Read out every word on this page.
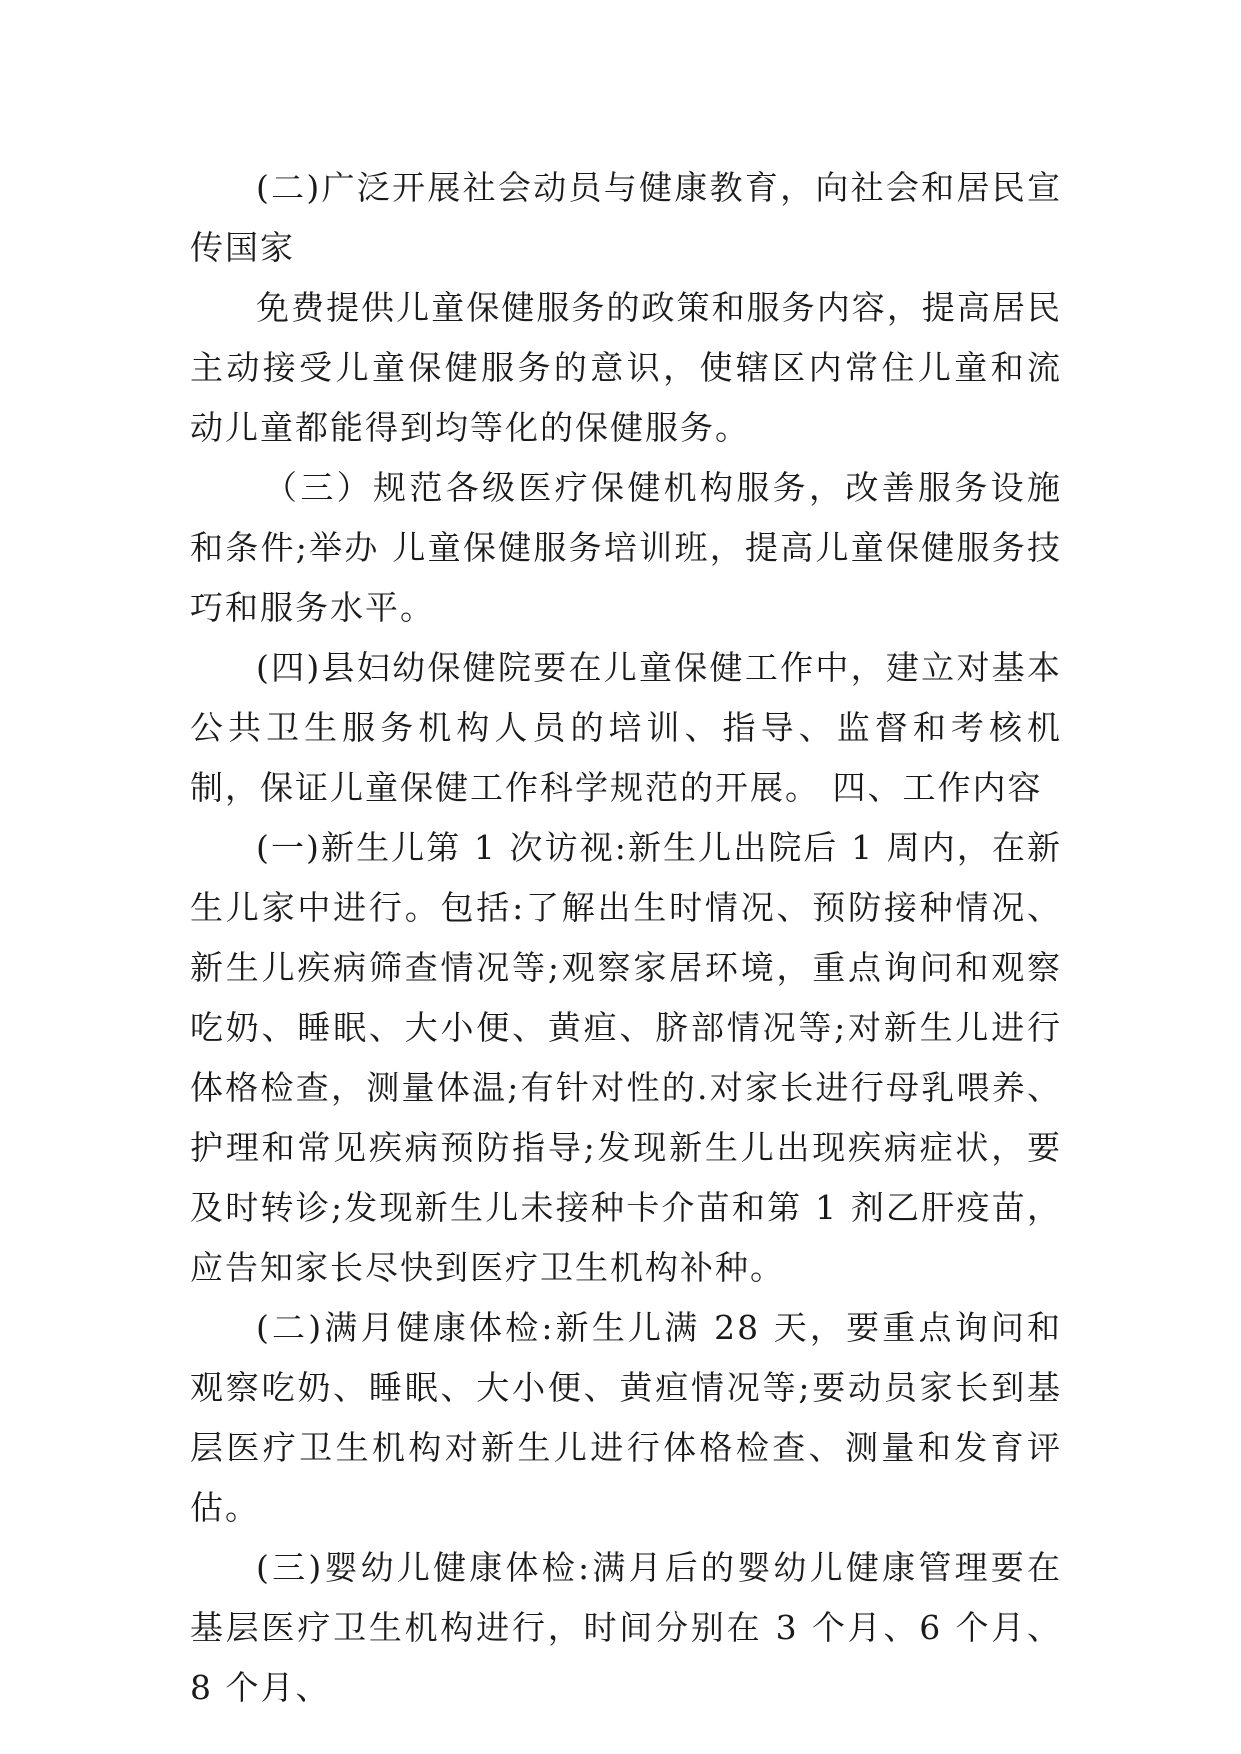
(二)广泛开展社会动员与健康教育，向社会和居民宣传国家

免费提供儿童保健服务的政策和服务内容，提高居民主动接受儿童保健服务的意识，使辖区内常住儿童和流动儿童都能得到均等化的保健服务。

（三）规范各级医疗保健机构服务，改善服务设施和条件;举办 儿童保健服务培训班，提高儿童保健服务技巧和服务水平。

(四)县妇幼保健院要在儿童保健工作中，建立对基本公共卫生服务机构人员的培训、指导、监督和考核机制，保证儿童保健工作科学规范的开展。 四、工作内容

(一)新生儿第 1 次访视:新生儿出院后 1 周内，在新生儿家中进行。包括:了解出生时情况、预防接种情况、新生儿疾病筛查情况等;观察家居环境，重点询问和观察吃奶、睡眠、大小便、黄疸、脐部情况等;对新生儿进行体格检查，测量体温;有针对性的.对家长进行母乳喂养、护理和常见疾病预防指导;发现新生儿出现疾病症状，要及时转诊;发现新生儿未接种卡介苗和第 1 剂乙肝疫苗，应告知家长尽快到医疗卫生机构补种。

(二)满月健康体检:新生儿满 28 天，要重点询问和观察吃奶、睡眠、大小便、黄疸情况等;要动员家长到基层医疗卫生机构对新生儿进行体格检查、测量和发育评估。

(三)婴幼儿健康体检:满月后的婴幼儿健康管理要在基层医疗卫生机构进行，时间分别在 3 个月、6 个月、8 个月、
